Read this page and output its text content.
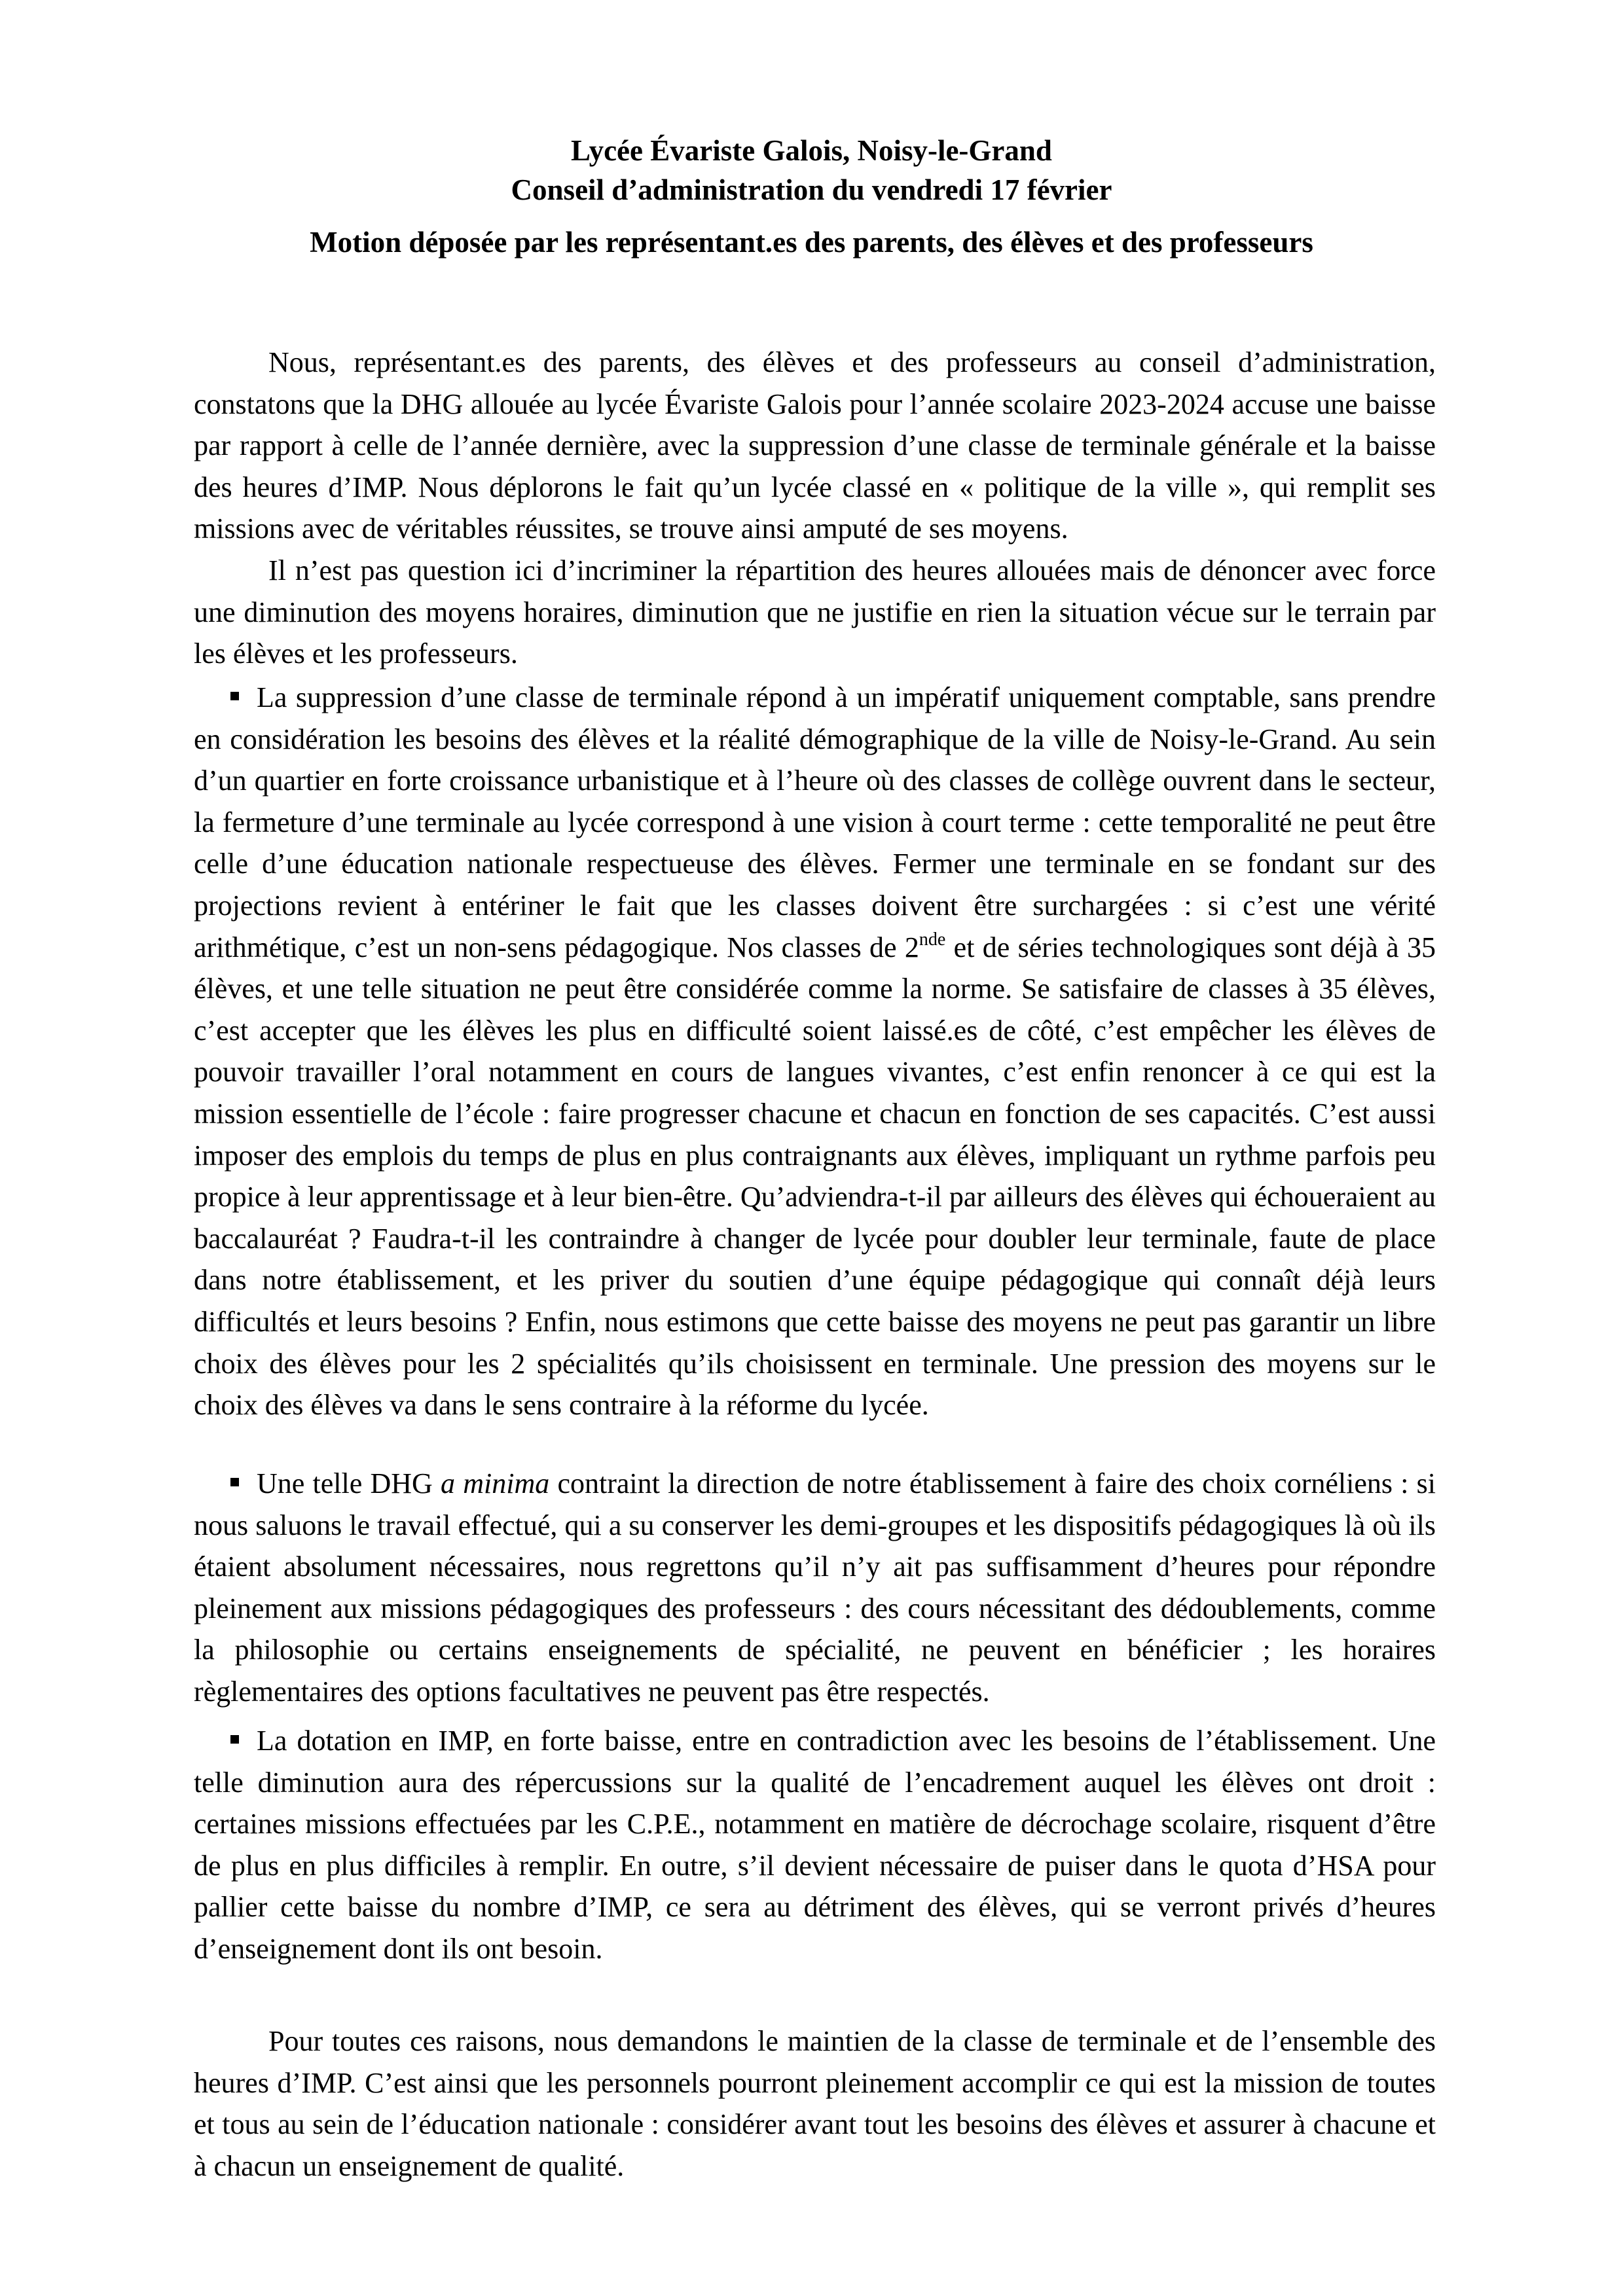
Lycée Évariste Galois, Noisy-le-Grand
Conseil d’administration du vendredi 17 février
Motion déposée par les représentant.es des parents, des élèves et des professeurs

Nous, représentant.es des parents, des élèves et des professeurs au conseil d’administration, constatons que la DHG allouée au lycée Évariste Galois pour l’année scolaire 2023-2024 accuse une baisse par rapport à celle de l’année dernière, avec la suppression d’une classe de terminale générale et la baisse des heures d’IMP. Nous déplorons le fait qu’un lycée classé en « politique de la ville », qui remplit ses missions avec de véritables réussites, se trouve ainsi amputé de ses moyens.

Il n’est pas question ici d’incriminer la répartition des heures allouées mais de dénoncer avec force une diminution des moyens horaires, diminution que ne justifie en rien la situation vécue sur le terrain par les élèves et les professeurs.

La suppression d’une classe de terminale répond à un impératif uniquement comptable, sans prendre en considération les besoins des élèves et la réalité démographique de la ville de Noisy-le-Grand. Au sein d’un quartier en forte croissance urbanistique et à l’heure où des classes de collège ouvrent dans le secteur, la fermeture d’une terminale au lycée correspond à une vision à court terme : cette temporalité ne peut être celle d’une éducation nationale respectueuse des élèves. Fermer une terminale en se fondant sur des projections revient à entériner le fait que les classes doivent être surchargées : si c’est une vérité arithmétique, c’est un non-sens pédagogique. Nos classes de 2nde et de séries technologiques sont déjà à 35 élèves, et une telle situation ne peut être considérée comme la norme. Se satisfaire de classes à 35 élèves, c’est accepter que les élèves les plus en difficulté soient laissé.es de côté, c’est empêcher les élèves de pouvoir travailler l’oral notamment en cours de langues vivantes, c’est enfin renoncer à ce qui est la mission essentielle de l’école : faire progresser chacune et chacun en fonction de ses capacités. C’est aussi imposer des emplois du temps de plus en plus contraignants aux élèves, impliquant un rythme parfois peu propice à leur apprentissage et à leur bien-être. Qu’adviendra-t-il par ailleurs des élèves qui échoueraient au baccalauréat ? Faudra-t-il les contraindre à changer de lycée pour doubler leur terminale, faute de place dans notre établissement, et les priver du soutien d’une équipe pédagogique qui connaît déjà leurs difficultés et leurs besoins ? Enfin, nous estimons que cette baisse des moyens ne peut pas garantir un libre choix des élèves pour les 2 spécialités qu’ils choisissent en terminale. Une pression des moyens sur le choix des élèves va dans le sens contraire à la réforme du lycée.

Une telle DHG a minima contraint la direction de notre établissement à faire des choix cornéliens : si nous saluons le travail effectué, qui a su conserver les demi-groupes et les dispositifs pédagogiques là où ils étaient absolument nécessaires, nous regrettons qu’il n’y ait pas suffisamment d’heures pour répondre pleinement aux missions pédagogiques des professeurs : des cours nécessitant des dédoublements, comme la philosophie ou certains enseignements de spécialité, ne peuvent en bénéficier ; les horaires règlementaires des options facultatives ne peuvent pas être respectés.

La dotation en IMP, en forte baisse, entre en contradiction avec les besoins de l’établissement. Une telle diminution aura des répercussions sur la qualité de l’encadrement auquel les élèves ont droit : certaines missions effectuées par les C.P.E., notamment en matière de décrochage scolaire, risquent d’être de plus en plus difficiles à remplir. En outre, s’il devient nécessaire de puiser dans le quota d’HSA pour pallier cette baisse du nombre d’IMP, ce sera au détriment des élèves, qui se verront privés d’heures d’enseignement dont ils ont besoin.

Pour toutes ces raisons, nous demandons le maintien de la classe de terminale et de l’ensemble des heures d’IMP. C’est ainsi que les personnels pourront pleinement accomplir ce qui est la mission de toutes et tous au sein de l’éducation nationale : considérer avant tout les besoins des élèves et assurer à chacune et à chacun un enseignement de qualité.
